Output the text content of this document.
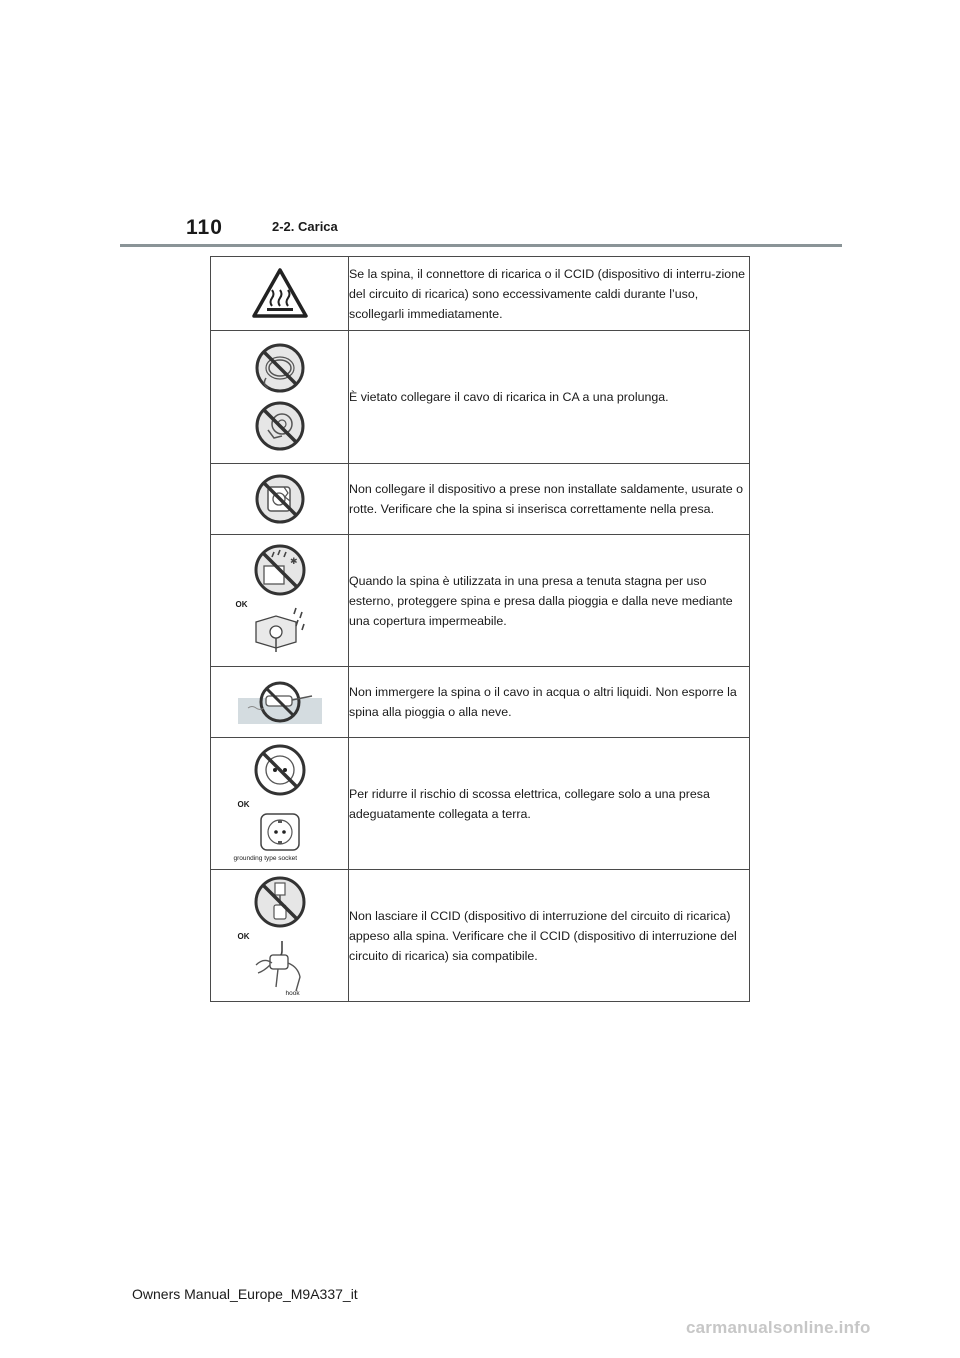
110	2-2. Carica
	Se la spina, il connettore di ricarica o il CCID (dispositivo di interru-zione del circuito di ricarica) sono eccessivamente caldi durante l’uso, scollegarli immediatamente.

	È vietato collegare il cavo di ricarica in CA a una prolunga.

	Non collegare il dispositivo a prese non installate saldamente, usurate o rotte. Verificare che la spina si inserisca correttamente nella presa.

✱
OK	Quando la spina è utilizzata in una presa a tenuta stagna per uso esterno, proteggere spina e presa dalla pioggia e dalla neve mediante una copertura impermeabile.

	Non immergere la spina o il cavo in acqua o altri liquidi. Non esporre la spina alla pioggia o alla neve.

OK
grounding type socket	Per ridurre il rischio di scossa elettrica, collegare solo a una presa adeguatamente collegata a terra.

OK
hook	Non lasciare il CCID (dispositivo di interruzione del circuito di ricarica) appeso alla spina. Verificare che il CCID (dispositivo di interruzione del circuito di ricarica) sia compatibile.
Owners Manual_Europe_M9A337_it
carmanualsonline.info
